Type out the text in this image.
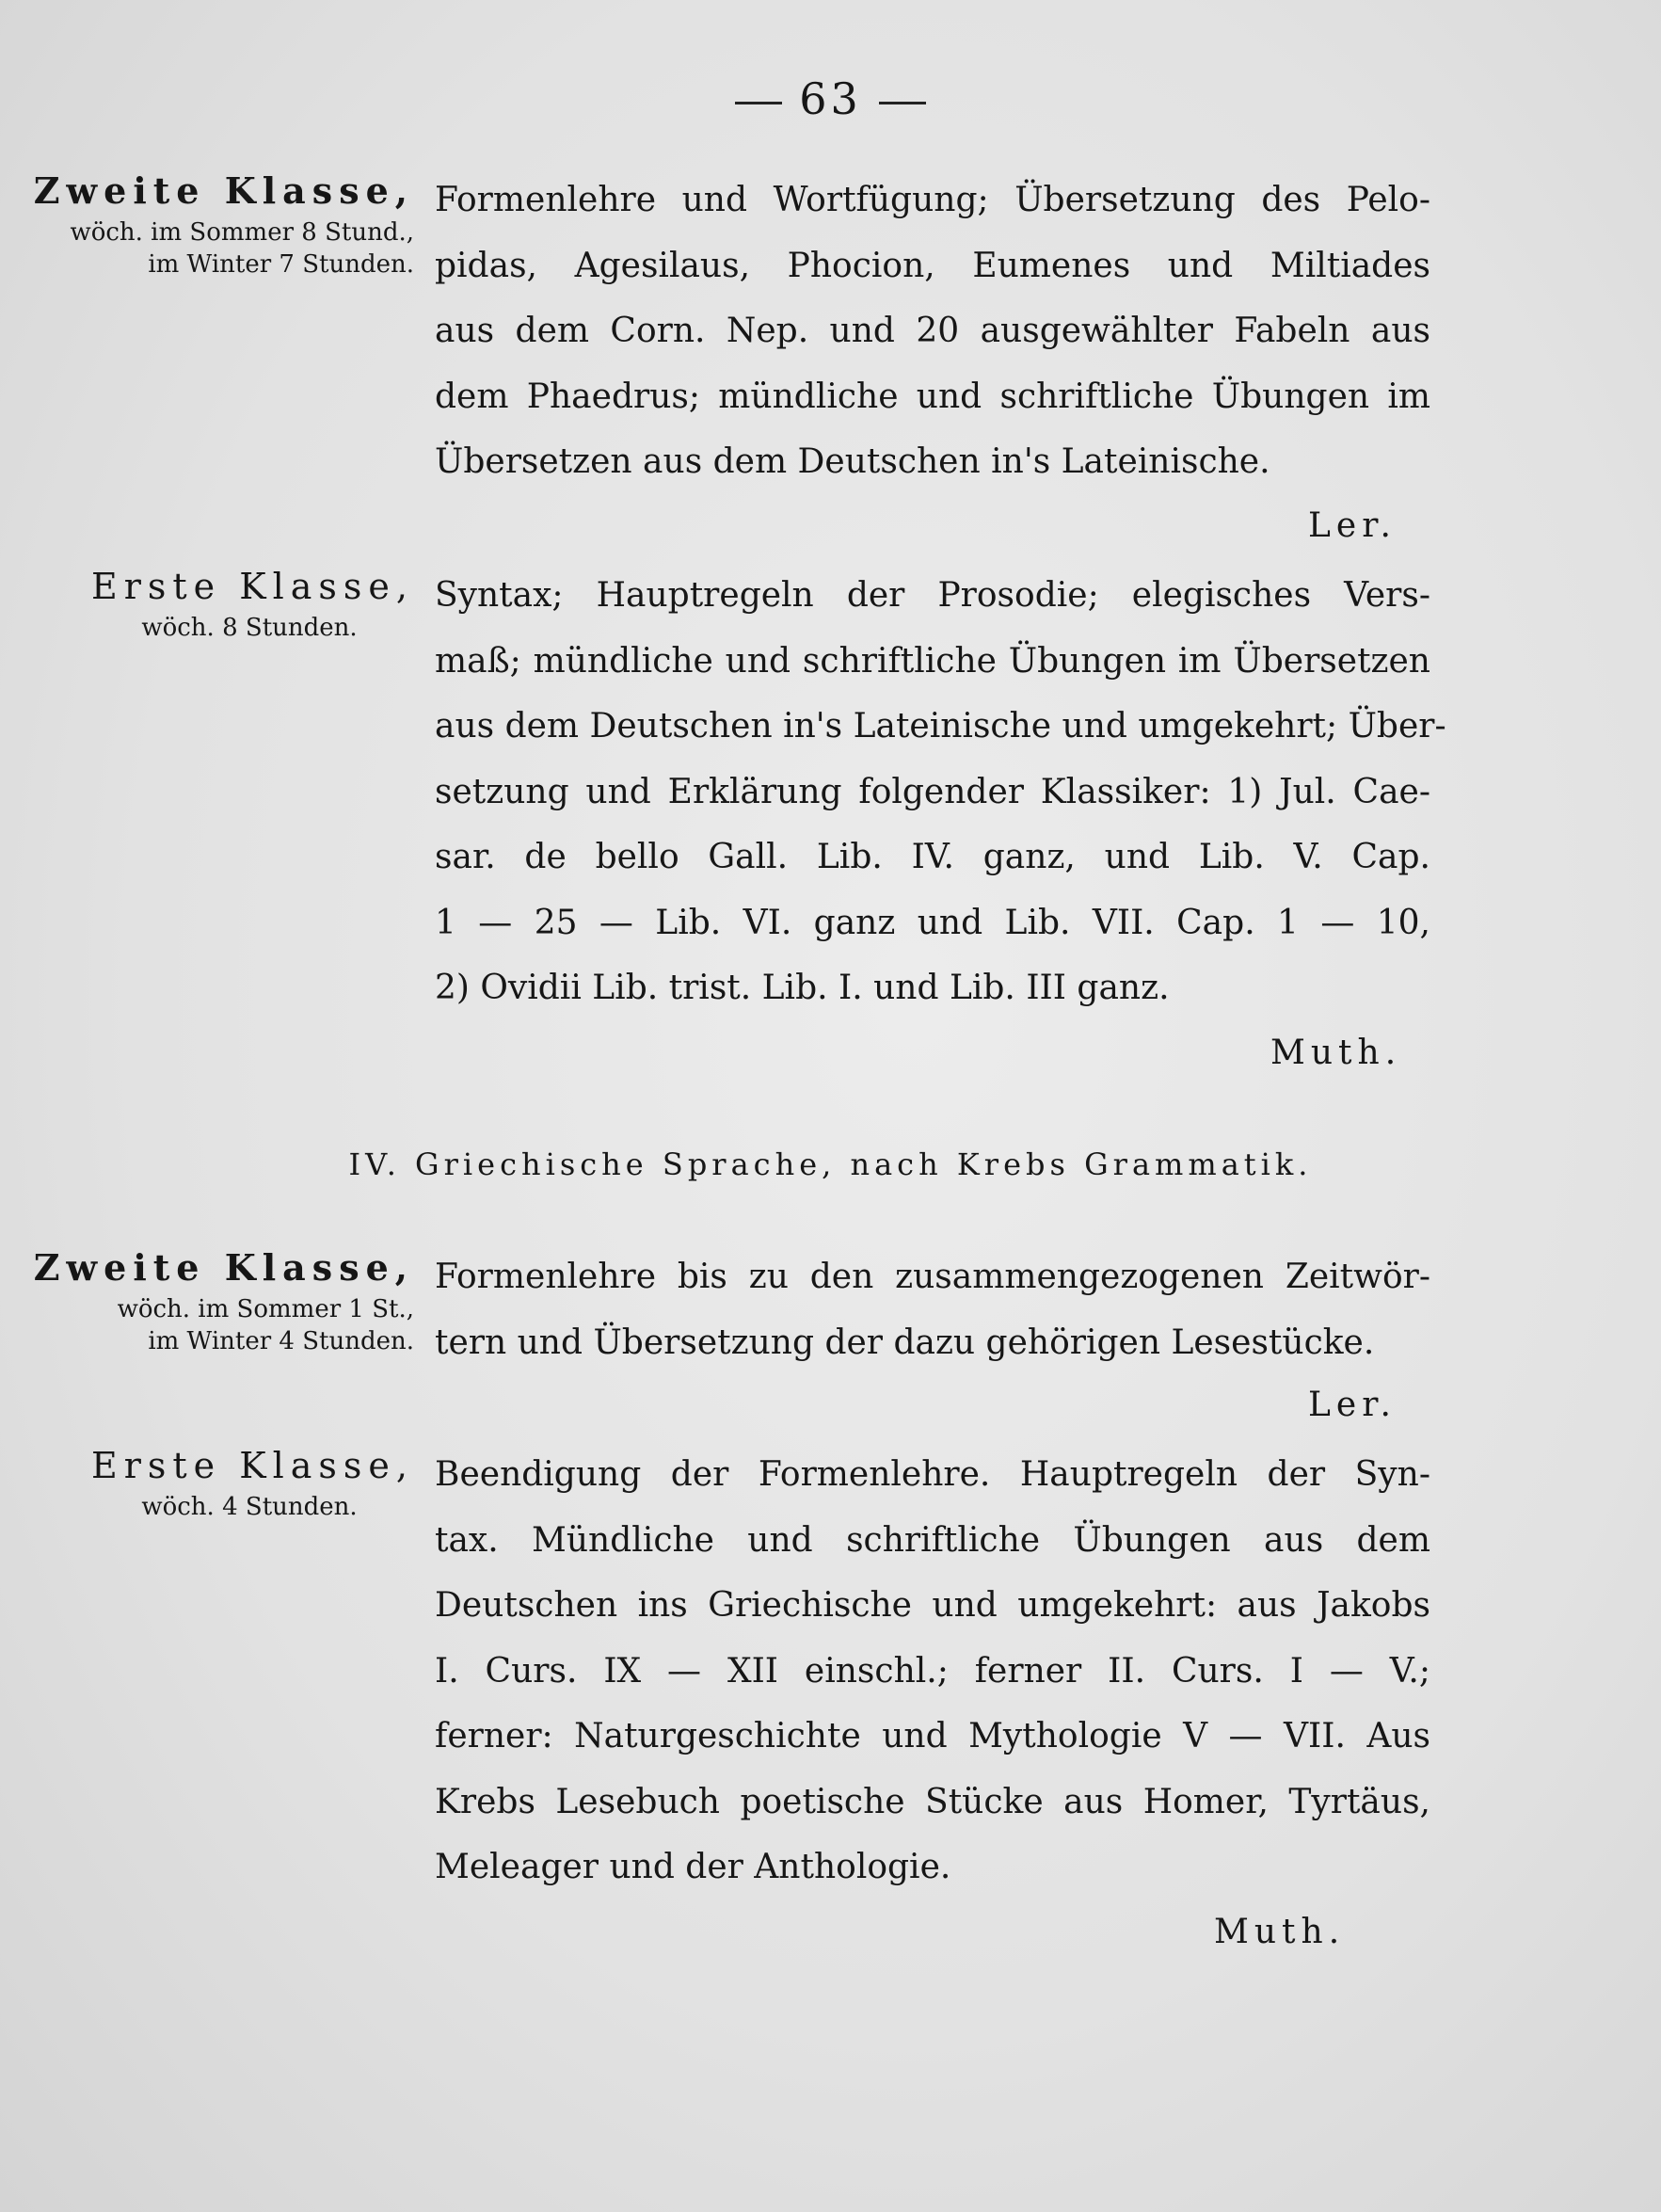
63
Zweite Klasse,
wöch. im Sommer 8 Stund.,
im Winter 7 Stunden.
Formenlehre und Wortfügung; Übersetzung des Pelo-
pidas, Agesilaus, Phocion, Eumenes und Miltiades
aus dem Corn. Nep. und 20 ausgewählter Fabeln aus
dem Phaedrus; mündliche und schriftliche Übungen im
Übersetzen aus dem Deutschen in's Lateinische.
Ler.
Erste Klasse,
wöch. 8 Stunden.
Syntax; Hauptregeln der Prosodie; elegisches Vers-
maß; mündliche und schriftliche Übungen im Übersetzen
aus dem Deutschen in's Lateinische und umgekehrt; Über-
setzung und Erklärung folgender Klassiker: 1) Jul. Cae-
sar. de bello Gall. Lib. IV. ganz, und Lib. V. Cap.
1 — 25 — Lib. VI. ganz und Lib. VII. Cap. 1 — 10,
2) Ovidii Lib. trist. Lib. I. und Lib. III ganz.
Muth.
IV. Griechische Sprache, nach Krebs Grammatik.
Zweite Klasse,
wöch. im Sommer 1 St.,
im Winter 4 Stunden.
Formenlehre bis zu den zusammengezogenen Zeitwör-
tern und Übersetzung der dazu gehörigen Lesestücke.
Ler.
Erste Klasse,
wöch. 4 Stunden.
Beendigung der Formenlehre. Hauptregeln der Syn-
tax. Mündliche und schriftliche Übungen aus dem
Deutschen ins Griechische und umgekehrt: aus Jakobs
I. Curs. IX — XII einschl.; ferner II. Curs. I — V.;
ferner: Naturgeschichte und Mythologie V — VII. Aus
Krebs Lesebuch poetische Stücke aus Homer, Tyrtäus,
Meleager und der Anthologie.
Muth.
